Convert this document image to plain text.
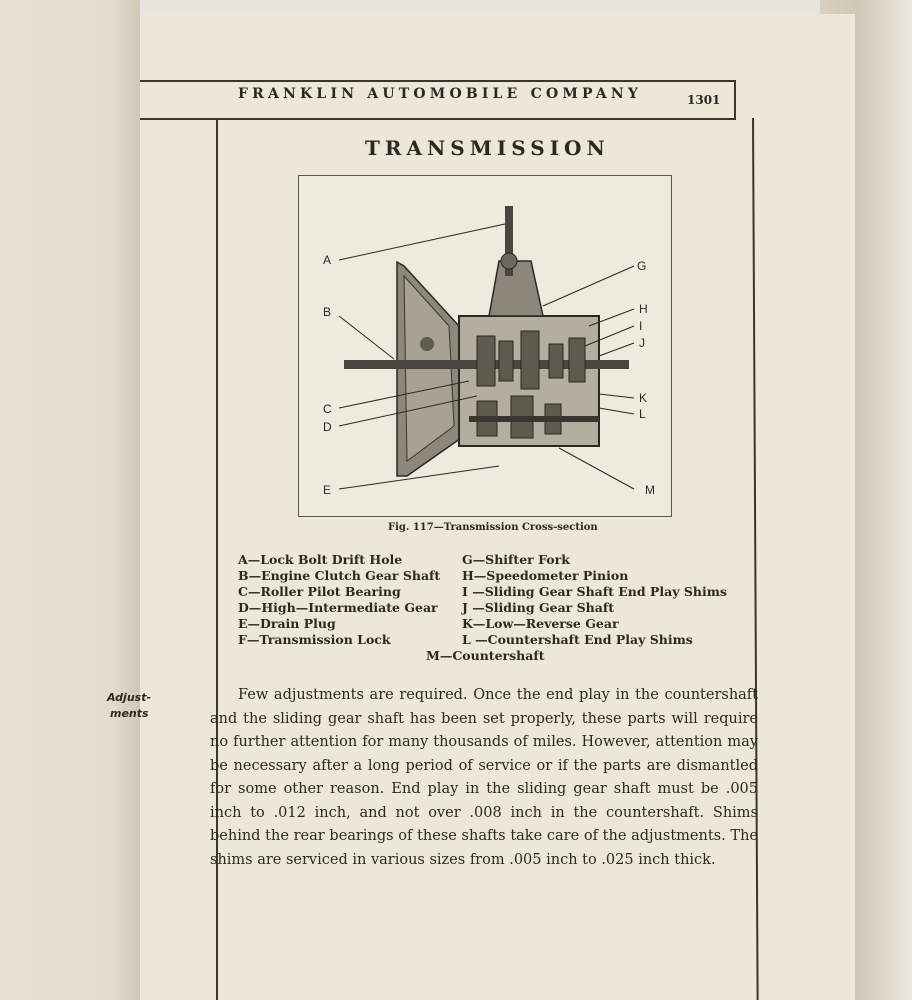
FRANKLIN AUTOMOBILE COMPANY	1301
TRANSMISSION
A
B
C
D
E
G
H
I
J
K
L
M
Fig. 117—Transmission Cross-section
A—Lock Bolt Drift Hole
B—Engine Clutch Gear Shaft
C—Roller Pilot Bearing
D—High—Intermediate Gear
E—Drain Plug
F—Transmission Lock
G—Shifter Fork
H—Speedometer Pinion
I —Sliding Gear Shaft End Play Shims
J —Sliding Gear Shaft
K—Low—Reverse Gear
L —Countershaft End Play Shims
M—Countershaft
Adjust-
ments

Few adjustments are required. Once the end play in the countershaft and the sliding gear shaft has been set properly, these parts will require no further attention for many thousands of miles. However, attention may be necessary after a long period of service or if the parts are dismantled for some other reason. End play in the sliding gear shaft must be .005 inch to .012 inch, and not over .008 inch in the countershaft. Shims behind the rear bearings of these shafts take care of the adjustments. The shims are serviced in various sizes from .005 inch to .025 inch thick.
